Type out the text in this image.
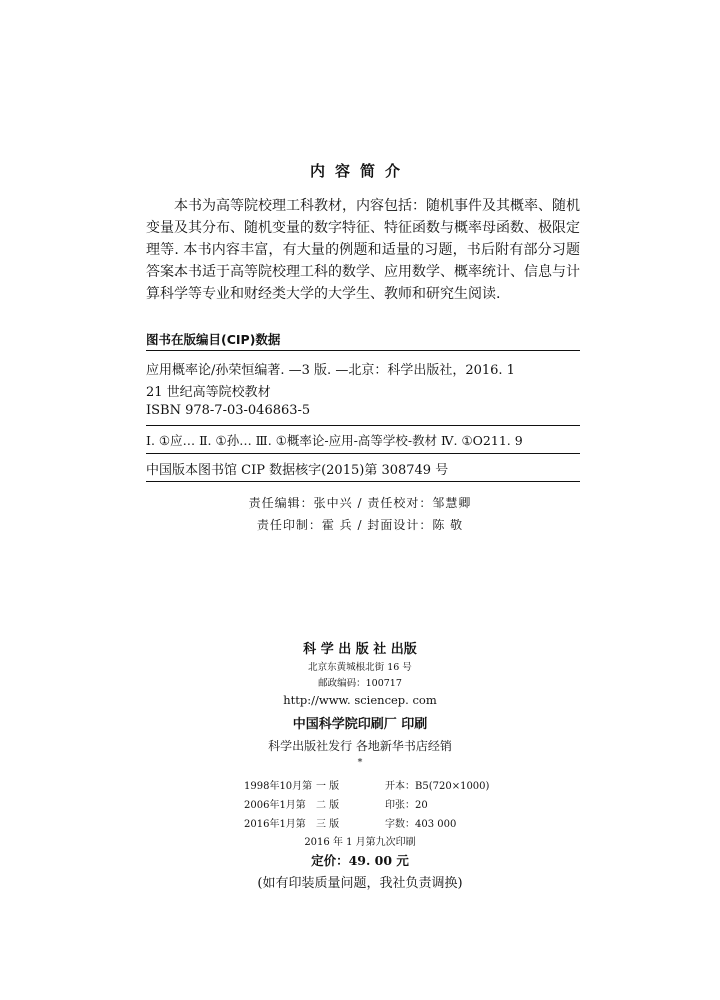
内容简介
本书为高等院校理工科教材，内容包括：随机事件及其概率、随机变量及其分布、随机变量的数字特征、特征函数与概率母函数、极限定理等. 本书内容丰富，有大量的例题和适量的习题，书后附有部分习题答案.
本书适于高等院校理工科的数学、应用数学、概率统计、信息与计算科学等专业和财经类大学的大学生、教师和研究生阅读.
图书在版编目(CIP)数据
应用概率论/孙荣恒编著. —3 版. —北京：科学出版社，2016. 1
21 世纪高等院校教材
ISBN 978-7-03-046863-5
Ⅰ. ①应… Ⅱ. ①孙… Ⅲ. ①概率论-应用-高等学校-教材 Ⅳ. ①O211. 9
中国版本图书馆 CIP 数据核字(2015)第 308749 号
责任编辑：张中兴 / 责任校对：邹慧卿
责任印制：霍 兵 / 封面设计：陈 敬
科 学 出 版 社 出版
北京东黄城根北街 16 号
邮政编码：100717
http://www. sciencep. com
中国科学院印刷厂 印刷
科学出版社发行 各地新华书店经销
*
1998年10月第 一 版	开本：B5(720×1000)
2006年1月第 二 版	印张：20
2016年1月第 三 版	字数：403 000
2016 年 1 月第九次印刷
定价：49. 00 元
(如有印装质量问题，我社负责调换)
